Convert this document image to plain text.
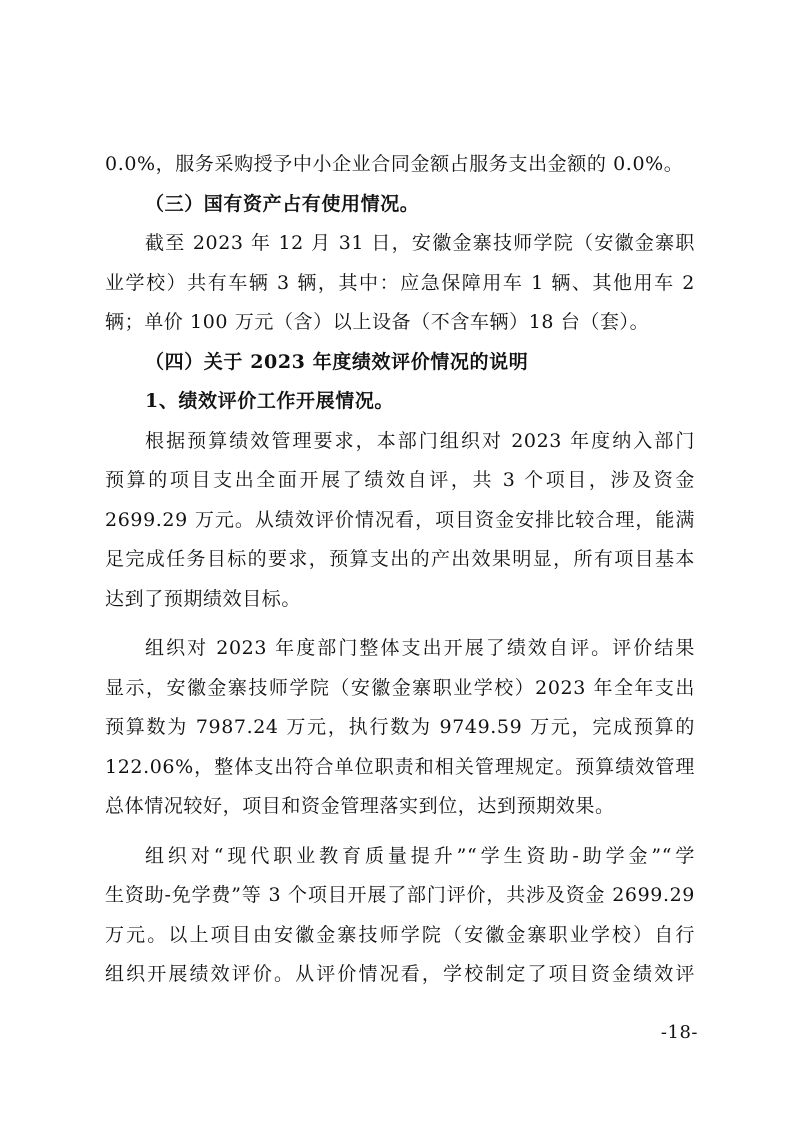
0.0%，服务采购授予中小企业合同金额占服务支出金额的 0.0%。
（三）国有资产占有使用情况。
截至 2023 年 12 月 31 日，安徽金寨技师学院（安徽金寨职
业学校）共有车辆 3 辆，其中：应急保障用车 1 辆、其他用车 2
辆；单价 100 万元（含）以上设备（不含车辆）18 台（套）。
（四）关于 2023 年度绩效评价情况的说明
1、绩效评价工作开展情况。
根据预算绩效管理要求，本部门组织对 2023 年度纳入部门
预算的项目支出全面开展了绩效自评，共 3 个项目，涉及资金
2699.29 万元。从绩效评价情况看，项目资金安排比较合理，能满
足完成任务目标的要求，预算支出的产出效果明显，所有项目基本
达到了预期绩效目标。
组织对 2023 年度部门整体支出开展了绩效自评。评价结果
显示，安徽金寨技师学院（安徽金寨职业学校）2023 年全年支出
预算数为 7987.24 万元，执行数为 9749.59 万元，完成预算的
122.06%，整体支出符合单位职责和相关管理规定。预算绩效管理
总体情况较好，项目和资金管理落实到位，达到预期效果。
组织对“现代职业教育质量提升”“学生资助-助学金”“学
生资助-免学费”等 3 个项目开展了部门评价，共涉及资金 2699.29
万元。以上项目由安徽金寨技师学院（安徽金寨职业学校）自行
组织开展绩效评价。从评价情况看，学校制定了项目资金绩效评
-18-
